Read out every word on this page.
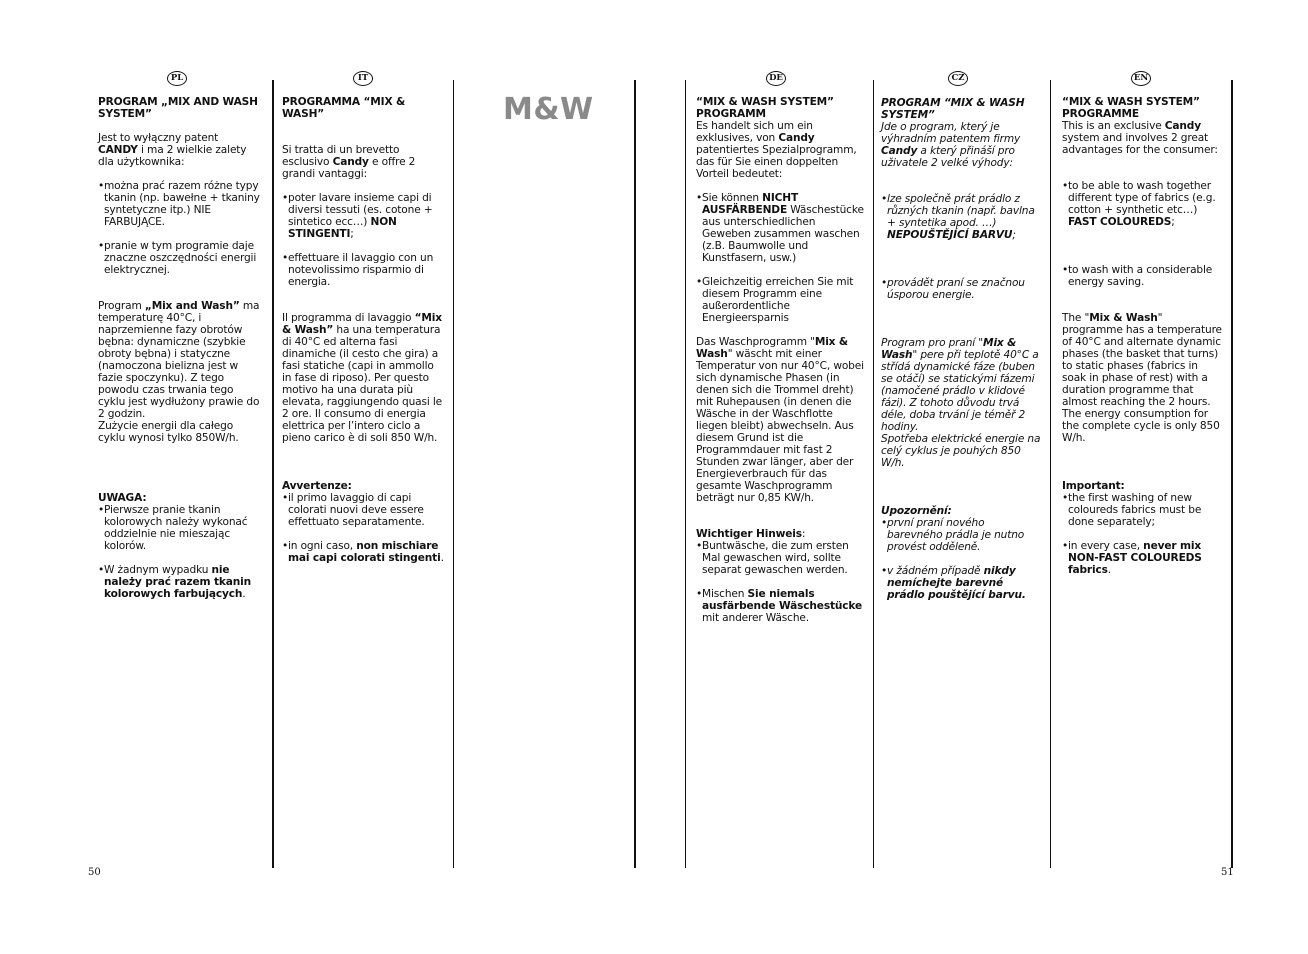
PL	IT	DE	CZ	EN
M&W

PROGRAM „MIX AND WASH SYSTEM”

Jest to wyłączny patent CANDY i ma 2 wielkie zalety dla użytkownika:

• można prać razem różne typy tkanin (np. bawełne + tkaniny syntetyczne itp.) NIE FARBUJĄCE.

• pranie w tym programie daje znaczne oszczędności energii elektrycznej.

Program „Mix and Wash” ma temperaturę 40°C, i naprzemienne fazy obrotów bębna: dynamiczne (szybkie obroty bębna) i statyczne (namoczona bielizna jest w fazie spoczynku). Z tego powodu czas trwania tego cyklu jest wydłużony prawie do 2 godzin.

Zużycie energii dla całego cyklu wynosi tylko 850W/h.

UWAGA:

• Pierwsze pranie tkanin kolorowych należy wykonać oddzielnie nie mieszając kolorów.

• W żadnym wypadku nie należy prać razem tkanin kolorowych farbujących.

PROGRAMMA “MIX & WASH”

Si tratta di un brevetto esclusivo Candy e offre 2 grandi vantaggi:

• poter lavare insieme capi di diversi tessuti (es. cotone + sintetico ecc…) NON STINGENTI;

• effettuare il lavaggio con un notevolissimo risparmio di energia.

Il programma di lavaggio “Mix & Wash” ha una temperatura di 40°C ed alterna fasi dinamiche (il cesto che gira) a fasi statiche (capi in ammollo in fase di riposo). Per questo motivo ha una durata più elevata, raggiungendo quasi le 2 ore. Il consumo di energia elettrica per l’intero ciclo a pieno carico è di soli 850 W/h.

Avvertenze:

• il primo lavaggio di capi colorati nuovi deve essere effettuato separatamente.

• in ogni caso, non mischiare mai capi colorati stingenti.

“MIX & WASH SYSTEM” PROGRAMM

Es handelt sich um ein exklusives, von Candy patentiertes Spezialprogramm, das für Sie einen doppelten Vorteil bedeutet:

• Sie können NICHT AUSFÄRBENDE Wäschestücke aus unterschiedlichen Geweben zusammen waschen (z.B. Baumwolle und Kunstfasern, usw.)

• Gleichzeitig erreichen Sie mit diesem Programm eine außerordentliche Energieersparnis

Das Waschprogramm "Mix & Wash" wäscht mit einer Temperatur von nur 40°C, wobei sich dynamische Phasen (in denen sich die Trommel dreht) mit Ruhepausen (in denen die Wäsche in der Waschflotte liegen bleibt) abwechseln. Aus diesem Grund ist die Programmdauer mit fast 2 Stunden zwar länger, aber der Energieverbrauch für das gesamte Waschprogramm beträgt nur 0,85 KW/h.

Wichtiger Hinweis:

• Buntwäsche, die zum ersten Mal gewaschen wird, sollte separat gewaschen werden.

• Mischen Sie niemals ausfärbende Wäschestücke mit anderer Wäsche.

PROGRAM “MIX & WASH SYSTEM”

Jde o program, který je výhradním patentem firmy Candy a který přináší pro uživatele 2 velké výhody:

• lze společně prát prádlo z různých tkanin (např. bavlna + syntetika apod. …) NEPOUŠTĚJÍCÍ BARVU;

• provádět praní se značnou úsporou energie.

Program pro praní "Mix & Wash" pere při teplotě 40°C a střídá dynamické fáze (buben se otáčí) se statickými fázemi (namočené prádlo v klidové fázi). Z tohoto důvodu trvá déle, doba trvání je téměř 2 hodiny.

Spotřeba elektrické energie na celý cyklus je pouhých 850 W/h.

Upozornění:

• první praní nového barevného prádla je nutno provést odděleně.

• v žádném případě nikdy nemíchejte barevné prádlo pouštějící barvu.

“MIX & WASH SYSTEM” PROGRAMME

This is an exclusive Candy system and involves 2 great advantages for the consumer:

• to be able to wash together different type of fabrics (e.g. cotton + synthetic etc…) FAST COLOUREDS;

• to wash with a considerable energy saving.

The "Mix & Wash" programme has a temperature of 40°C and alternate dynamic phases (the basket that turns) to static phases (fabrics in soak in phase of rest) with a duration programme that almost reaching the 2 hours. The energy consumption for the complete cycle is only 850 W/h.

Important:

• the first washing of new coloureds fabrics must be done separately;

• in every case, never mix NON-FAST COLOUREDS fabrics.

50	51
